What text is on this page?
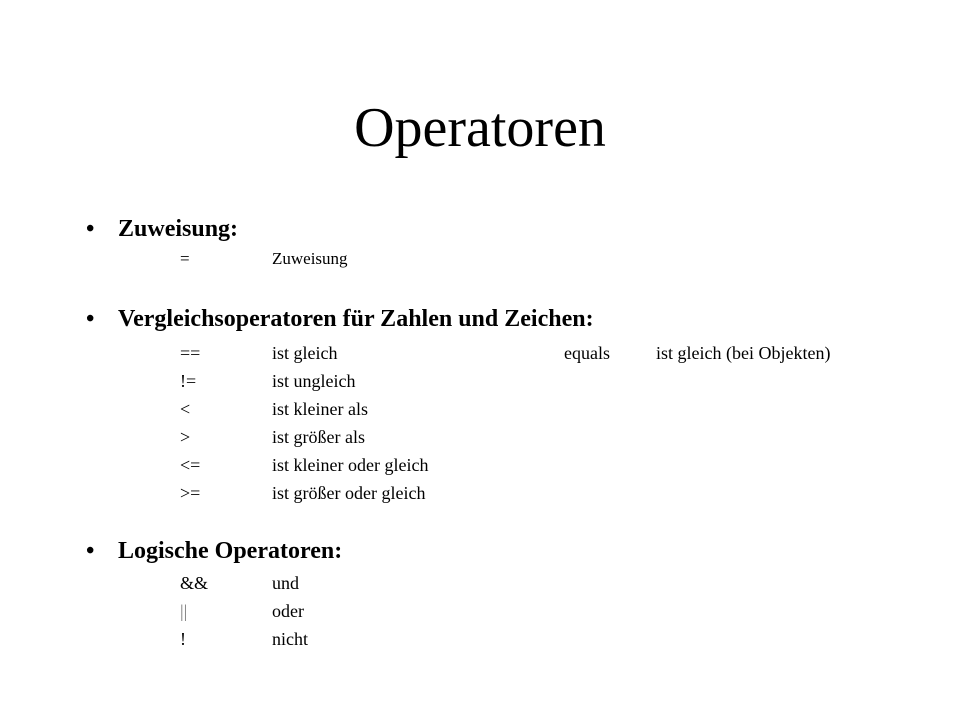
Operatoren
• Zuweisung:
=	Zuweisung
• Vergleichsoperatoren für Zahlen und Zeichen:
==	ist gleich	equals	ist gleich (bei Objekten)
!=	ist ungleich
<	ist kleiner als
>	ist größer als
<=	ist kleiner oder gleich
>=	ist größer oder gleich
• Logische Operatoren:
&&	und
||	oder
!	nicht
